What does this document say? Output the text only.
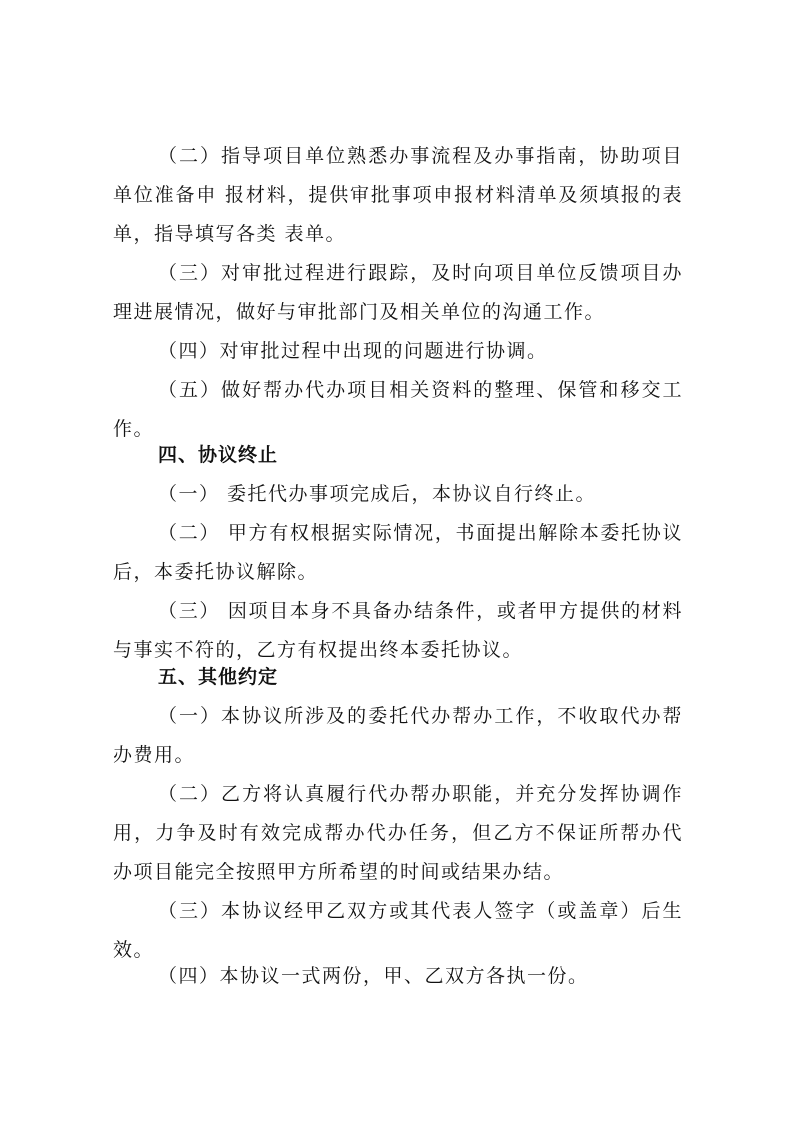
（二）指导项目单位熟悉办事流程及办事指南，协助项目单位准备申 报材料，提供审批事项申报材料清单及须填报的表单，指导填写各类 表单。

（三）对审批过程进行跟踪，及时向项目单位反馈项目办理进展情况，做好与审批部门及相关单位的沟通工作。

（四）对审批过程中出现的问题进行协调。

（五）做好帮办代办项目相关资料的整理、保管和移交工作。

四、协议终止

（一） 委托代办事项完成后，本协议自行终止。

（二） 甲方有权根据实际情况，书面提出解除本委托协议后，本委托协议解除。

（三） 因项目本身不具备办结条件，或者甲方提供的材料与事实不符的，乙方有权提出终本委托协议。

五、其他约定

（一）本协议所涉及的委托代办帮办工作，不收取代办帮办费用。

（二）乙方将认真履行代办帮办职能，并充分发挥协调作用，力争及时有效完成帮办代办任务，但乙方不保证所帮办代办项目能完全按照甲方所希望的时间或结果办结。

（三）本协议经甲乙双方或其代表人签字（或盖章）后生效。

（四）本协议一式两份，甲、乙双方各执一份。
